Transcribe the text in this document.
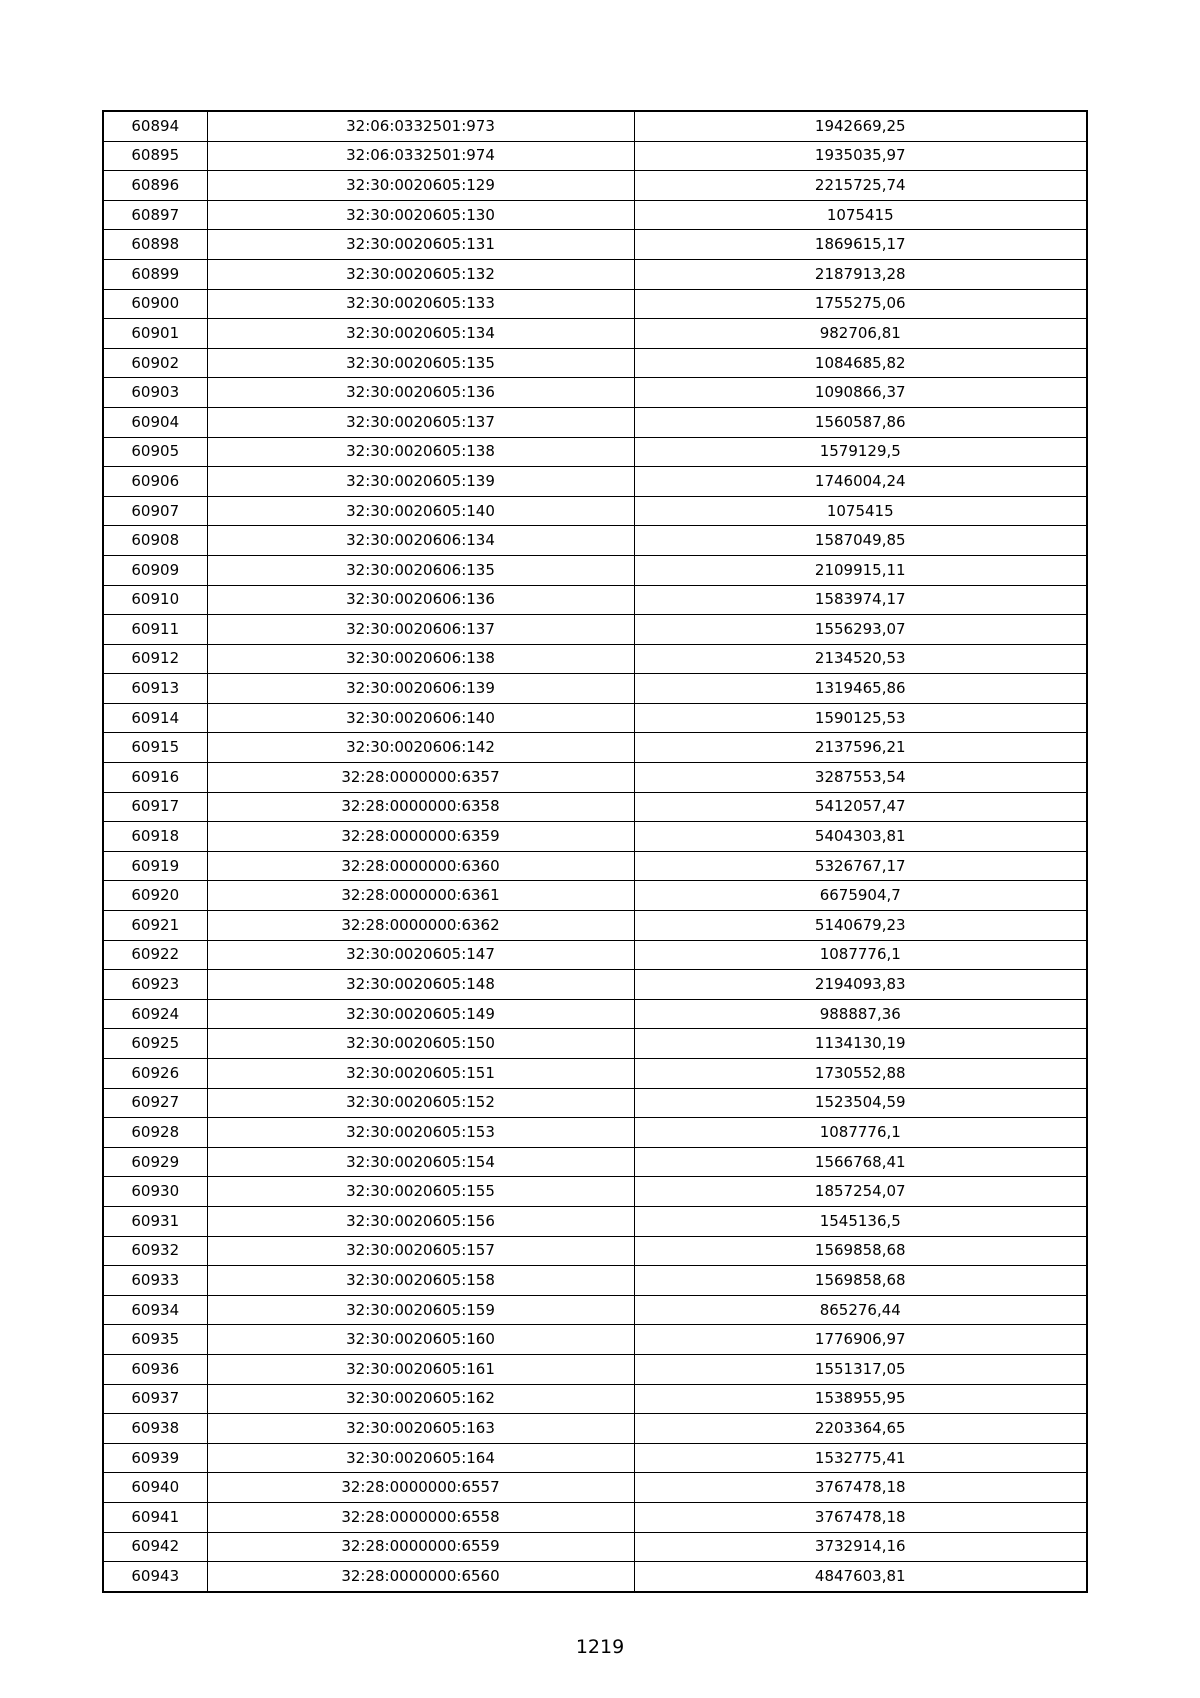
60894	32:06:0332501:973	1942669,25
60895	32:06:0332501:974	1935035,97
60896	32:30:0020605:129	2215725,74
60897	32:30:0020605:130	1075415
60898	32:30:0020605:131	1869615,17
60899	32:30:0020605:132	2187913,28
60900	32:30:0020605:133	1755275,06
60901	32:30:0020605:134	982706,81
60902	32:30:0020605:135	1084685,82
60903	32:30:0020605:136	1090866,37
60904	32:30:0020605:137	1560587,86
60905	32:30:0020605:138	1579129,5
60906	32:30:0020605:139	1746004,24
60907	32:30:0020605:140	1075415
60908	32:30:0020606:134	1587049,85
60909	32:30:0020606:135	2109915,11
60910	32:30:0020606:136	1583974,17
60911	32:30:0020606:137	1556293,07
60912	32:30:0020606:138	2134520,53
60913	32:30:0020606:139	1319465,86
60914	32:30:0020606:140	1590125,53
60915	32:30:0020606:142	2137596,21
60916	32:28:0000000:6357	3287553,54
60917	32:28:0000000:6358	5412057,47
60918	32:28:0000000:6359	5404303,81
60919	32:28:0000000:6360	5326767,17
60920	32:28:0000000:6361	6675904,7
60921	32:28:0000000:6362	5140679,23
60922	32:30:0020605:147	1087776,1
60923	32:30:0020605:148	2194093,83
60924	32:30:0020605:149	988887,36
60925	32:30:0020605:150	1134130,19
60926	32:30:0020605:151	1730552,88
60927	32:30:0020605:152	1523504,59
60928	32:30:0020605:153	1087776,1
60929	32:30:0020605:154	1566768,41
60930	32:30:0020605:155	1857254,07
60931	32:30:0020605:156	1545136,5
60932	32:30:0020605:157	1569858,68
60933	32:30:0020605:158	1569858,68
60934	32:30:0020605:159	865276,44
60935	32:30:0020605:160	1776906,97
60936	32:30:0020605:161	1551317,05
60937	32:30:0020605:162	1538955,95
60938	32:30:0020605:163	2203364,65
60939	32:30:0020605:164	1532775,41
60940	32:28:0000000:6557	3767478,18
60941	32:28:0000000:6558	3767478,18
60942	32:28:0000000:6559	3732914,16
60943	32:28:0000000:6560	4847603,81
1219
